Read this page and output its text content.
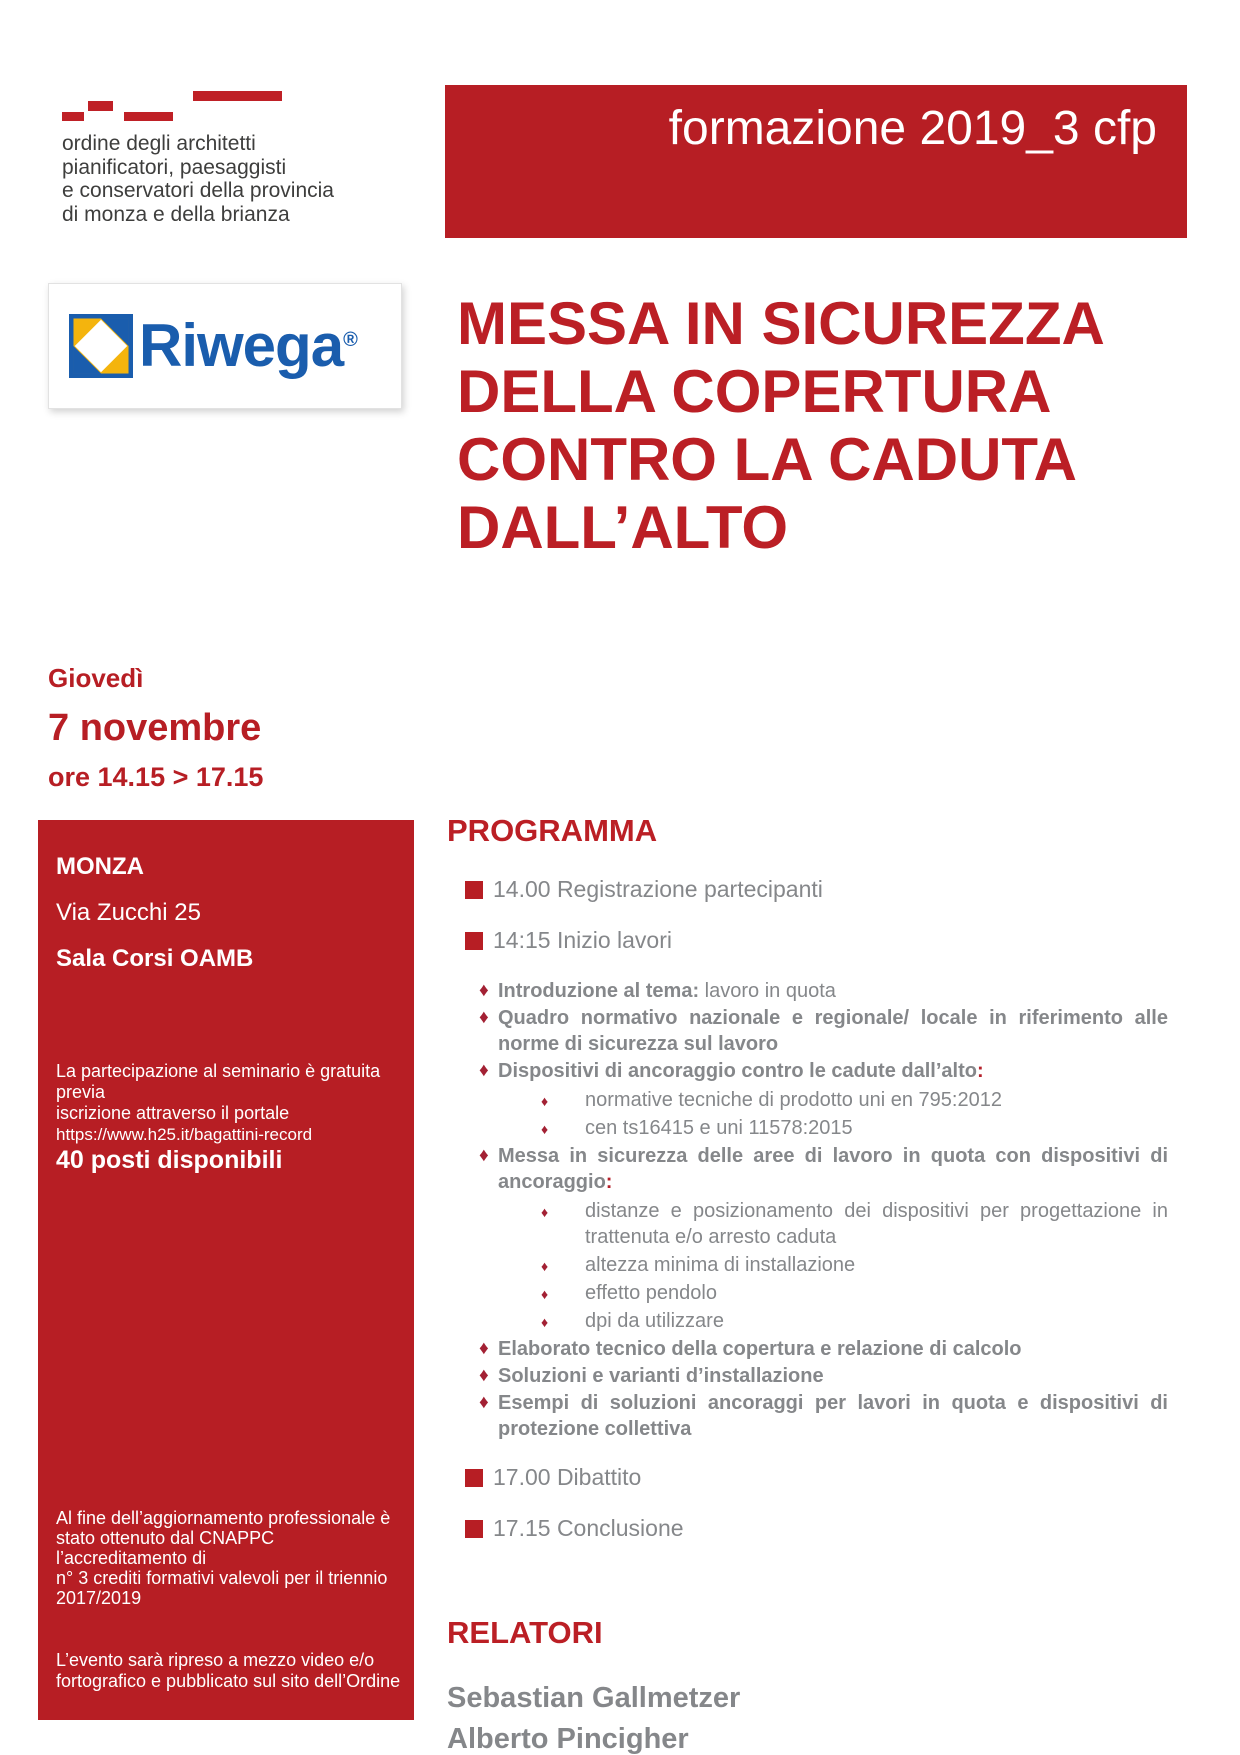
ordine degli architetti
pianificatori, paesaggisti
e conservatori della provincia
di monza e della brianza
formazione 2019_3 cfp
Riwega® MESSA IN SICUREZZA
DELLA COPERTURA
CONTRO LA CADUTA
DALL’ALTO
Giovedì
7 novembre
ore 14.15 > 17.15
MONZA
Via Zucchi 25
Sala Corsi OAMB
La partecipazione al seminario è gratuita previa
iscrizione attraverso il portale
https://www.h25.it/bagattini-record
40 posti disponibili
Al fine dell’aggiornamento professionale è
stato ottenuto dal CNAPPC l’accreditamento di
n° 3 crediti formativi valevoli per il triennio
2017/2019
L’evento sarà ripreso a mezzo video e/o
fortografico e pubblicato sul sito dell’Ordine
PROGRAMMA
14.00 Registrazione partecipanti
14:15 Inizio lavori
♦ Introduzione al tema: lavoro in quota
♦ Quadro normativo nazionale e regionale/ locale in riferimento alle norme di sicurezza sul lavoro
♦ Dispositivi di ancoraggio contro le cadute dall’alto:
♦ normative tecniche di prodotto uni en 795:2012
♦ cen ts16415 e uni 11578:2015
♦ Messa in sicurezza delle aree di lavoro in quota con dispositivi di ancoraggio:
♦ distanze e posizionamento dei dispositivi per progettazione in trattenuta e/o arresto caduta
♦ altezza minima di installazione
♦ effetto pendolo
♦ dpi da utilizzare
♦ Elaborato tecnico della copertura e relazione di calcolo
♦ Soluzioni e varianti d’installazione
♦ Esempi di soluzioni ancoraggi per lavori in quota e dispositivi di protezione collettiva
17.00 Dibattito
17.15 Conclusione
RELATORI
Sebastian Gallmetzer
Alberto Pincigher
